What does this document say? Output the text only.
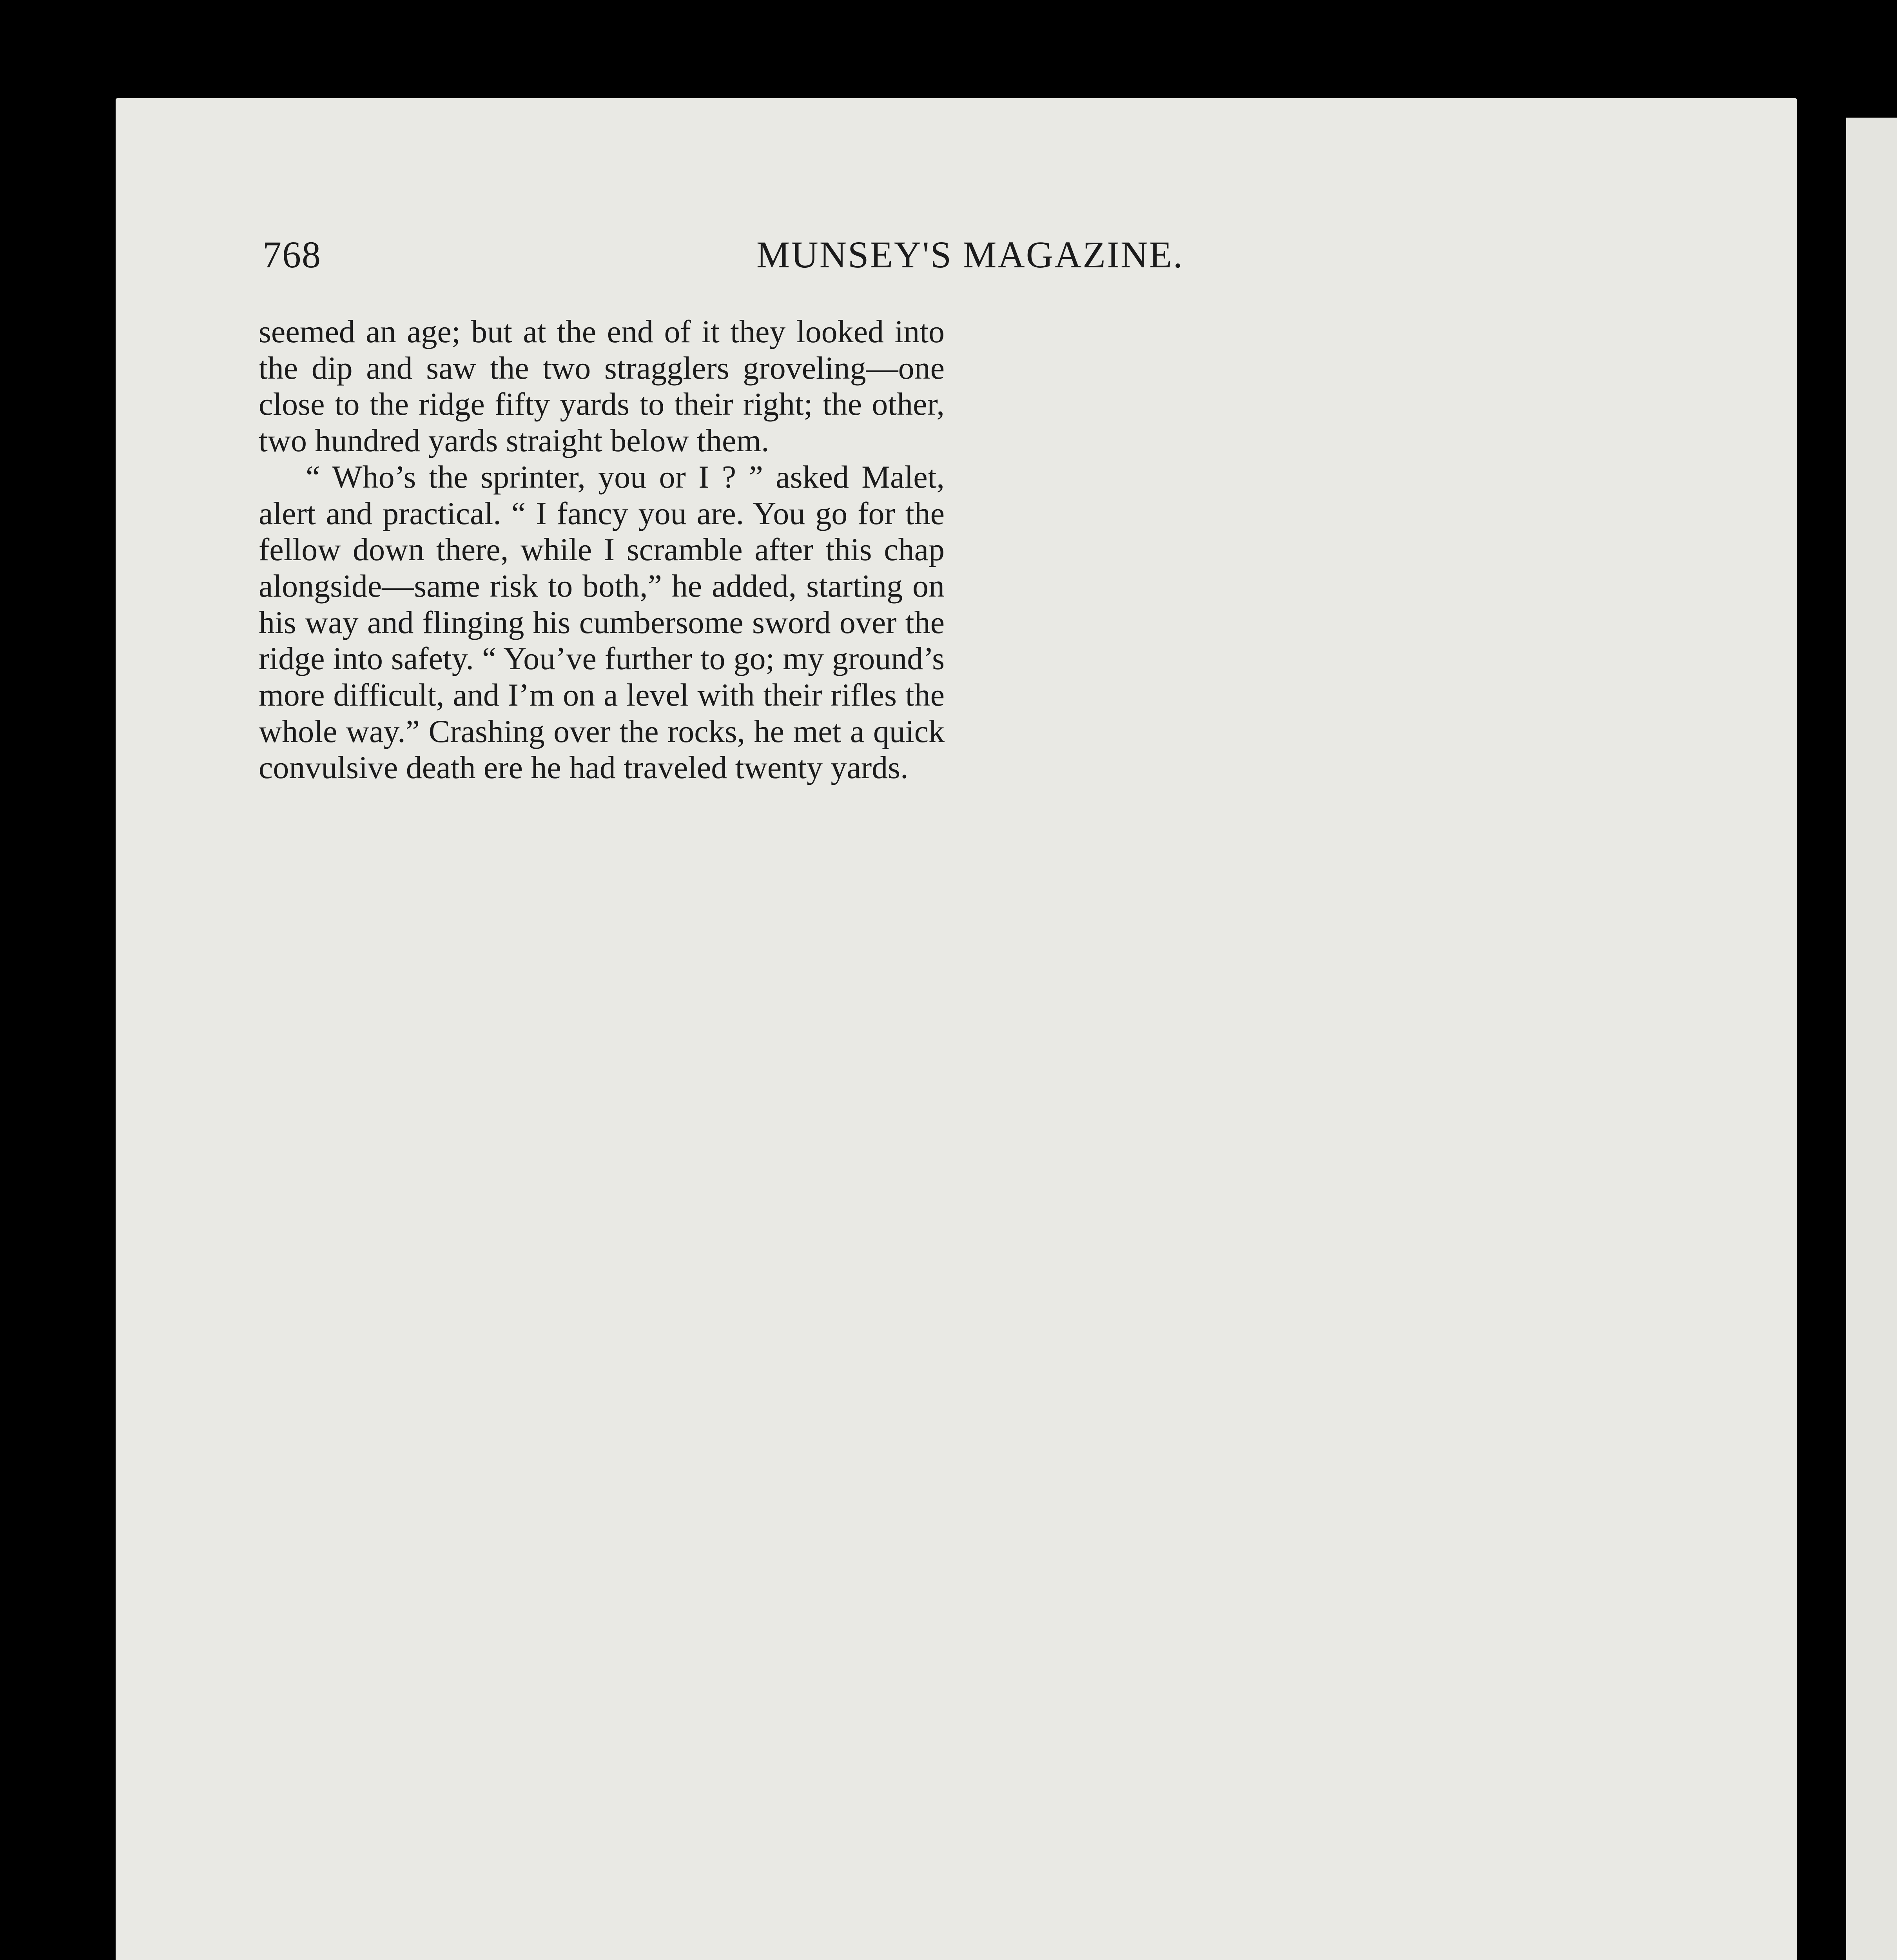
768	MUNSEY'S MAGAZINE.

seemed an age; but at the end of it they looked into the dip and saw the two stragglers groveling—one close to the ridge fifty yards to their right; the other, two hundred yards straight below them.

“ Who’s the sprinter, you or I ? ” asked Malet, alert and practical. “ I fancy you are. You go for the fellow down there, while I scramble after this chap alongside—same risk to both,” he added, starting on his way and flinging his cumbersome sword over the ridge into safety. “ You’ve further to go; my ground’s more difficult, and I’m on a level with their rifles the whole way.” Crashing over the rocks, he met a quick convulsive death ere he had traveled twenty yards.
